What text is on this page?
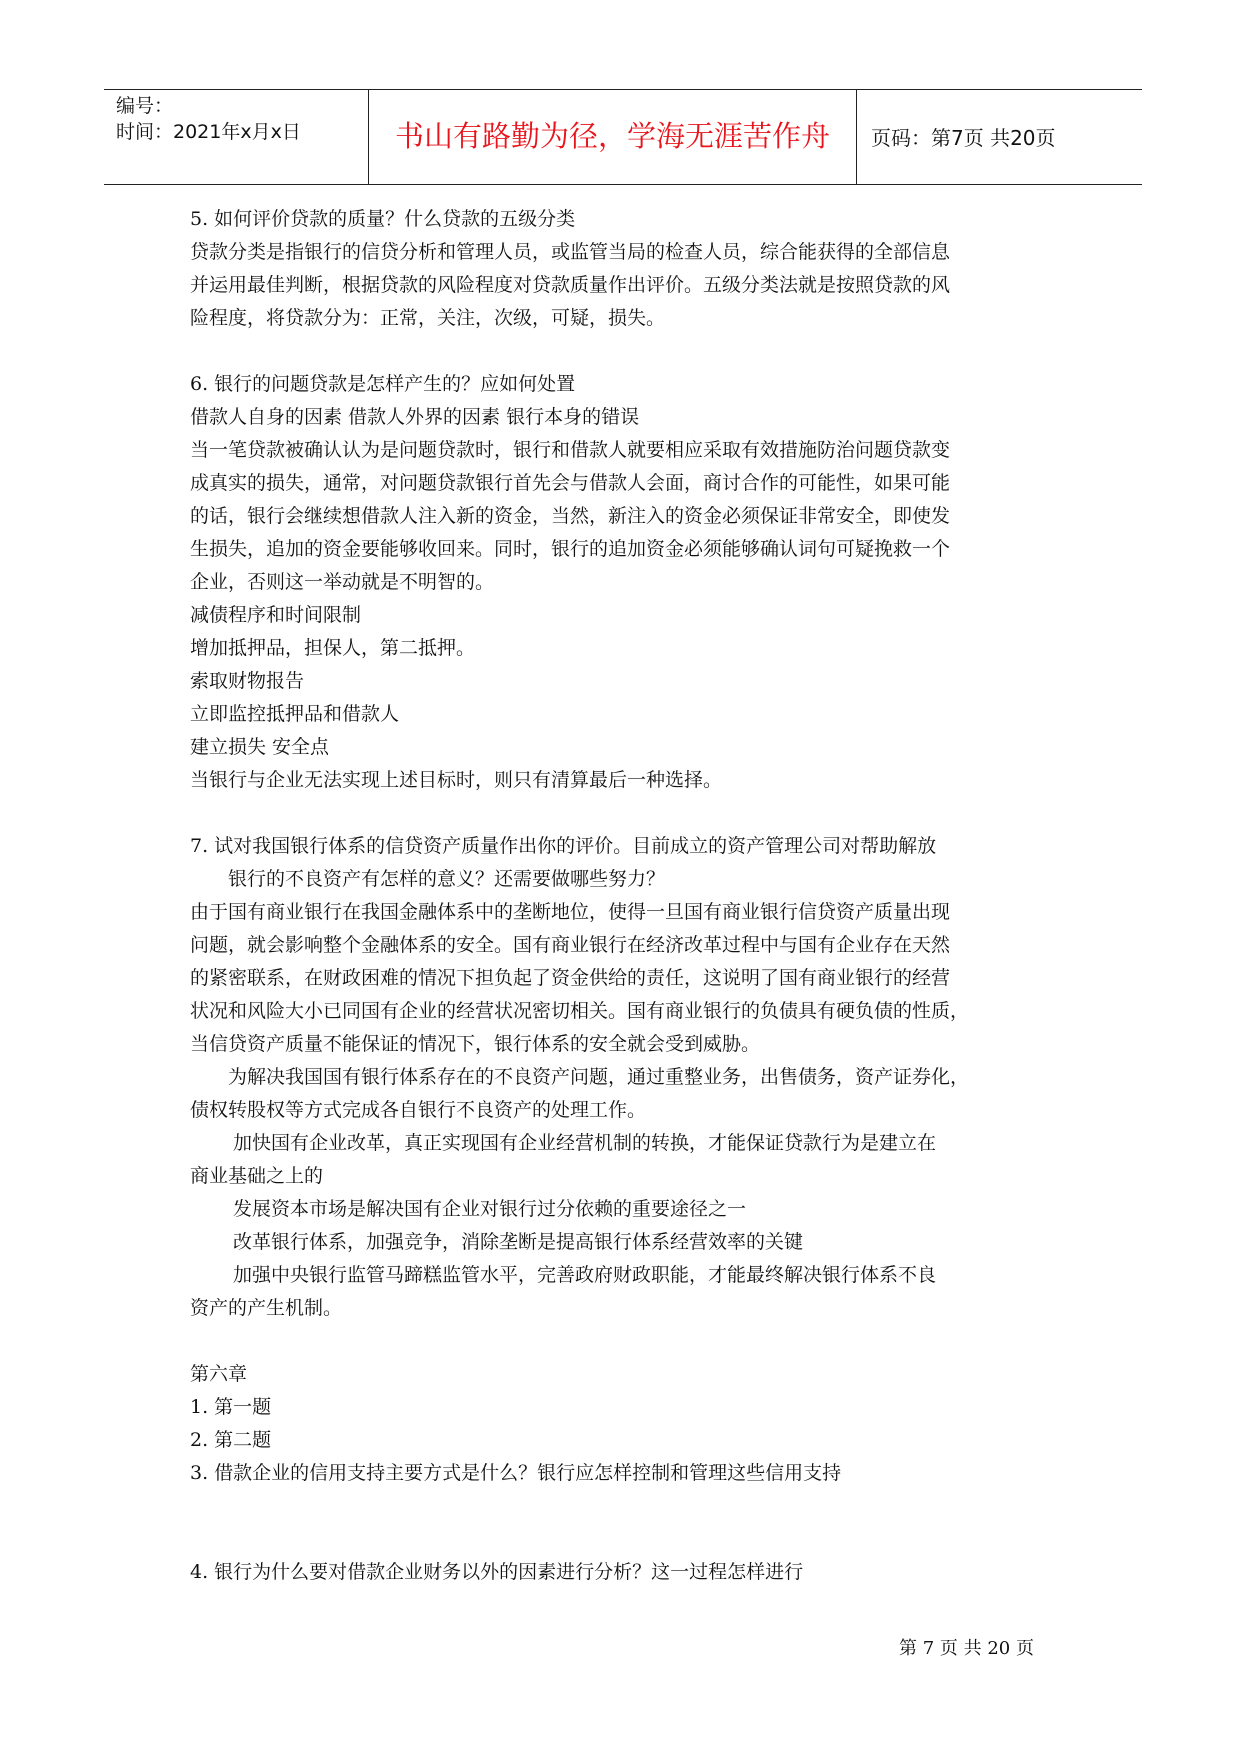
编号：
时间：2021年x月x日	书山有路勤为径，学海无涯苦作舟	页码：第7页 共20页
5. 如何评价贷款的质量？什么贷款的五级分类
贷款分类是指银行的信贷分析和管理人员，或监管当局的检查人员，综合能获得的全部信息
并运用最佳判断，根据贷款的风险程度对贷款质量作出评价。五级分类法就是按照贷款的风
险程度，将贷款分为：正常，关注，次级，可疑，损失。
6. 银行的问题贷款是怎样产生的？应如何处置
借款人自身的因素 借款人外界的因素 银行本身的错误
当一笔贷款被确认认为是问题贷款时，银行和借款人就要相应采取有效措施防治问题贷款变
成真实的损失，通常，对问题贷款银行首先会与借款人会面，商讨合作的可能性，如果可能
的话，银行会继续想借款人注入新的资金，当然，新注入的资金必须保证非常安全，即使发
生损失，追加的资金要能够收回来。同时，银行的追加资金必须能够确认词句可疑挽救一个
企业，否则这一举动就是不明智的。
减债程序和时间限制
增加抵押品，担保人，第二抵押。
索取财物报告
立即监控抵押品和借款人
建立损失 安全点
当银行与企业无法实现上述目标时，则只有清算最后一种选择。
7. 试对我国银行体系的信贷资产质量作出你的评价。目前成立的资产管理公司对帮助解放
银行的不良资产有怎样的意义？还需要做哪些努力？
由于国有商业银行在我国金融体系中的垄断地位，使得一旦国有商业银行信贷资产质量出现
问题，就会影响整个金融体系的安全。国有商业银行在经济改革过程中与国有企业存在天然
的紧密联系，在财政困难的情况下担负起了资金供给的责任，这说明了国有商业银行的经营
状况和风险大小已同国有企业的经营状况密切相关。国有商业银行的负债具有硬负债的性质，
当信贷资产质量不能保证的情况下，银行体系的安全就会受到威胁。
为解决我国国有银行体系存在的不良资产问题，通过重整业务，出售债务，资产证券化，
债权转股权等方式完成各自银行不良资产的处理工作。
加快国有企业改革，真正实现国有企业经营机制的转换，才能保证贷款行为是建立在
商业基础之上的
发展资本市场是解决国有企业对银行过分依赖的重要途径之一
改革银行体系，加强竞争，消除垄断是提高银行体系经营效率的关键
加强中央银行监管马蹄糕监管水平，完善政府财政职能，才能最终解决银行体系不良
资产的产生机制。
第六章
1. 第一题
2. 第二题
3. 借款企业的信用支持主要方式是什么？银行应怎样控制和管理这些信用支持
4. 银行为什么要对借款企业财务以外的因素进行分析？这一过程怎样进行
第 7 页 共 20 页
